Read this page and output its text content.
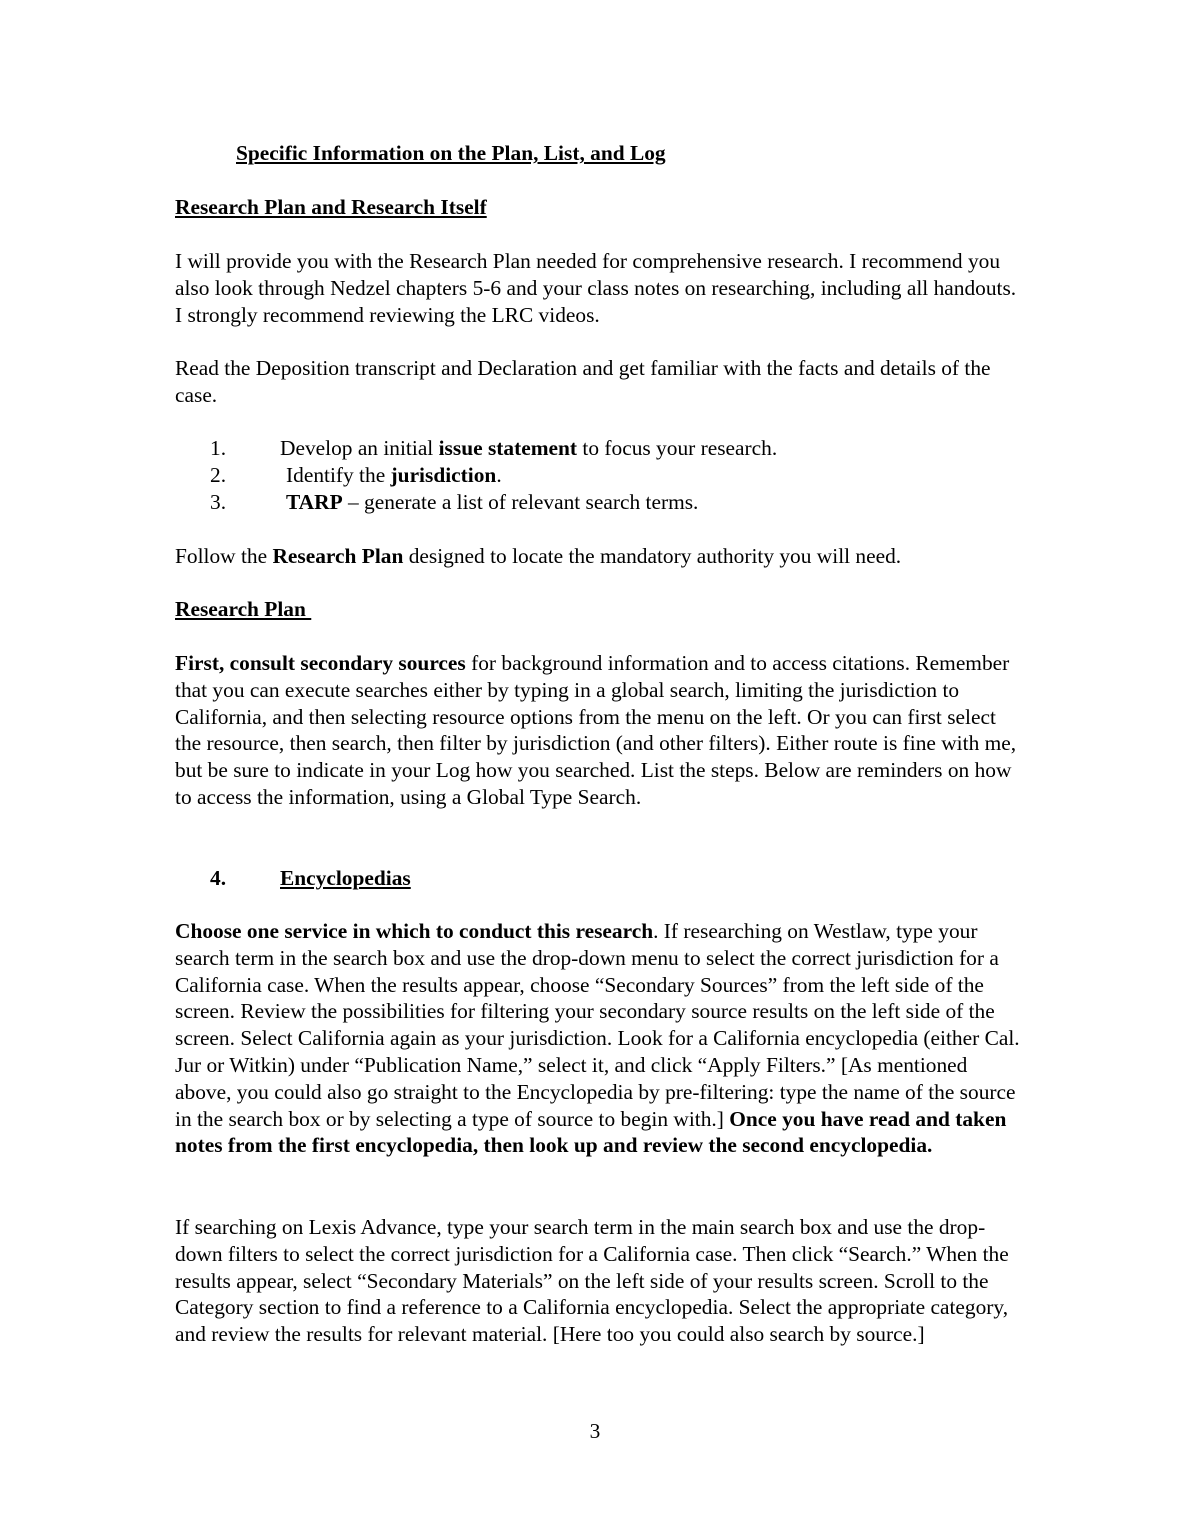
Specific Information on the Plan, List, and Log
Research Plan and Research Itself

I will provide you with the Research Plan needed for comprehensive research. I recommend you also look through Nedzel chapters 5-6 and your class notes on researching, including all handouts. I strongly recommend reviewing the LRC videos.

Read the Deposition transcript and Declaration and get familiar with the facts and details of the case.

1.	Develop an initial issue statement to focus your research.
2.	Identify the jurisdiction.
3.	TARP – generate a list of relevant search terms.

Follow the Research Plan designed to locate the mandatory authority you will need.

Research Plan

First, consult secondary sources for background information and to access citations. Remember that you can execute searches either by typing in a global search, limiting the jurisdiction to California, and then selecting resource options from the menu on the left. Or you can first select the resource, then search, then filter by jurisdiction (and other filters). Either route is fine with me, but be sure to indicate in your Log how you searched. List the steps. Below are reminders on how to access the information, using a Global Type Search.

4.	Encyclopedias

Choose one service in which to conduct this research. If researching on Westlaw, type your search term in the search box and use the drop-down menu to select the correct jurisdiction for a California case. When the results appear, choose “Secondary Sources” from the left side of the screen. Review the possibilities for filtering your secondary source results on the left side of the screen. Select California again as your jurisdiction. Look for a California encyclopedia (either Cal. Jur or Witkin) under “Publication Name,” select it, and click “Apply Filters.” [As mentioned above, you could also go straight to the Encyclopedia by pre-filtering: type the name of the source in the search box or by selecting a type of source to begin with.] Once you have read and taken notes from the first encyclopedia, then look up and review the second encyclopedia.

If searching on Lexis Advance, type your search term in the main search box and use the drop-down filters to select the correct jurisdiction for a California case. Then click “Search.” When the results appear, select “Secondary Materials” on the left side of your results screen. Scroll to the Category section to find a reference to a California encyclopedia. Select the appropriate category, and review the results for relevant material. [Here too you could also search by source.]

3
